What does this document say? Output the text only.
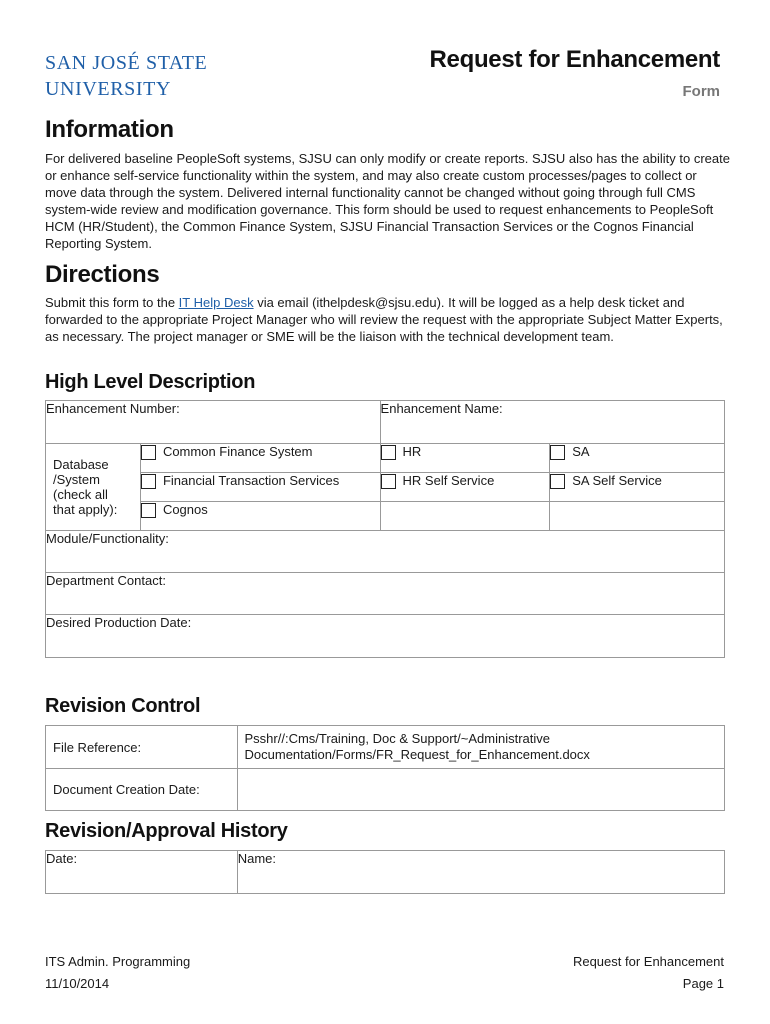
SAN JOSÉ STATE
UNIVERSITY
Request for Enhancement
Form
Information

For delivered baseline PeopleSoft systems, SJSU can only modify or create reports. SJSU also has the ability to create or enhance self-service functionality within the system, and may also create custom processes/pages to collect or move data through the system. Delivered internal functionality cannot be changed without going through full CMS system-wide review and modification governance. This form should be used to request enhancements to PeopleSoft HCM (HR/Student), the Common Finance System, SJSU Financial Transaction Services or the Cognos Financial Reporting System.

Directions

Submit this form to the IT Help Desk via email (ithelpdesk@sjsu.edu). It will be logged as a help desk ticket and forwarded to the appropriate Project Manager who will review the request with the appropriate Subject Matter Experts, as necessary. The project manager or SME will be the liaison with the technical development team.

High Level Description
Enhancement Number:		Enhancement Name:	
Database /System (check all that apply):	Common Finance System	HR	SA
	Financial Transaction Services	HR Self Service	SA Self Service
	Cognos		
Module/Functionality:			
Department Contact:			
Desired Production Date:			
Revision Control
File Reference:	Psshr//:Cms/Training, Doc & Support/~Administrative Documentation/Forms/FR_Request_for_Enhancement.docx
Document Creation Date:	
Revision/Approval History
Date:	Name:
ITS Admin. Programming
11/10/2014
Request for Enhancement
Page 1
